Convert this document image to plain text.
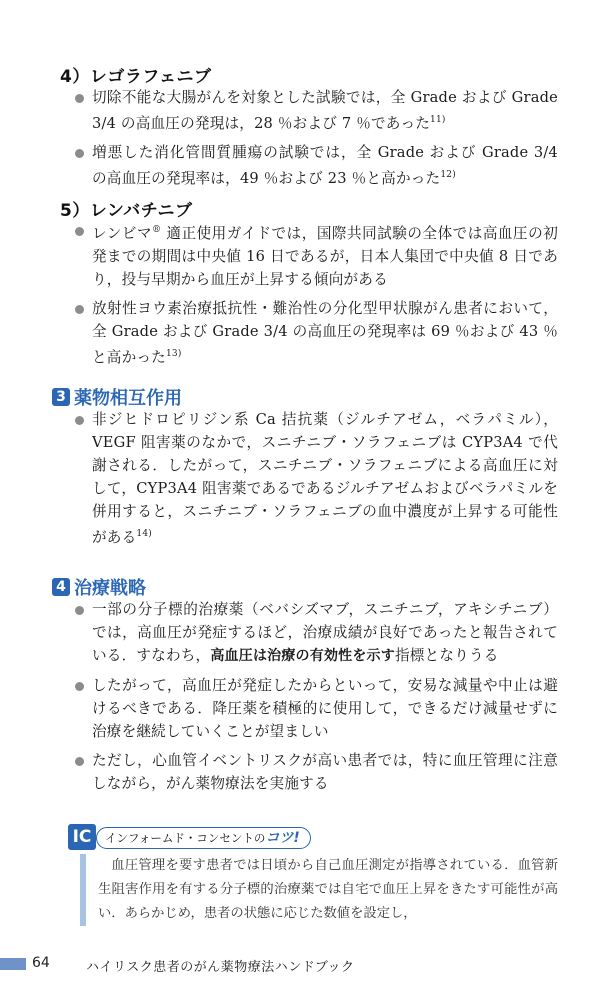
4）レゴラフェニブ
切除不能な大腸がんを対象とした試験では，全 Grade および Grade 3/4 の高血圧の発現は，28 ％および 7 ％であった$^{11)}$
増悪した消化管間質腫瘍の試験では，全 Grade および Grade 3/4 の高血圧の発現率は，49 ％および 23 ％と高かった$^{12)}$
5）レンバチニブ
レンビマ® 適正使用ガイドでは，国際共同試験の全体では高血圧の初発までの期間は中央値 16 日であるが，日本人集団で中央値 8 日であり，投与早期から血圧が上昇する傾向がある
放射性ヨウ素治療抵抗性・難治性の分化型甲状腺がん患者において，全 Grade および Grade 3/4 の高血圧の発現率は 69 ％および 43 ％と高かった$^{13)}$
3 薬物相互作用
非ジヒドロピリジン系 Ca 拮抗薬（ジルチアゼム，ベラパミル），VEGF 阻害薬のなかで，スニチニブ・ソラフェニブは CYP3A4 で代謝される．したがって，スニチニブ・ソラフェニブによる高血圧に対して，CYP3A4 阻害薬であるであるジルチアゼムおよびベラパミルを併用すると，スニチニブ・ソラフェニブの血中濃度が上昇する可能性がある$^{14)}$
4 治療戦略
一部の分子標的治療薬（ベバシズマブ，スニチニブ，アキシチニブ）では，高血圧が発症するほど，治療成績が良好であったと報告されている．すなわち，高血圧は治療の有効性を示す指標となりうる
したがって，高血圧が発症したからといって，安易な減量や中止は避けるべきである．降圧薬を積極的に使用して，できるだけ減量せずに治療を継続していくことが望ましい
ただし，心血管イベントリスクが高い患者では，特に血圧管理に注意しながら，がん薬物療法を実施する
IC	インフォームド・コンセントのコツ!
血圧管理を要す患者では日頃から自己血圧測定が指導されている．血管新生阻害作用を有する分子標的治療薬では自宅で血圧上昇をきたす可能性が高い．あらかじめ，患者の状態に応じた数値を設定し，
64	ハイリスク患者のがん薬物療法ハンドブック
